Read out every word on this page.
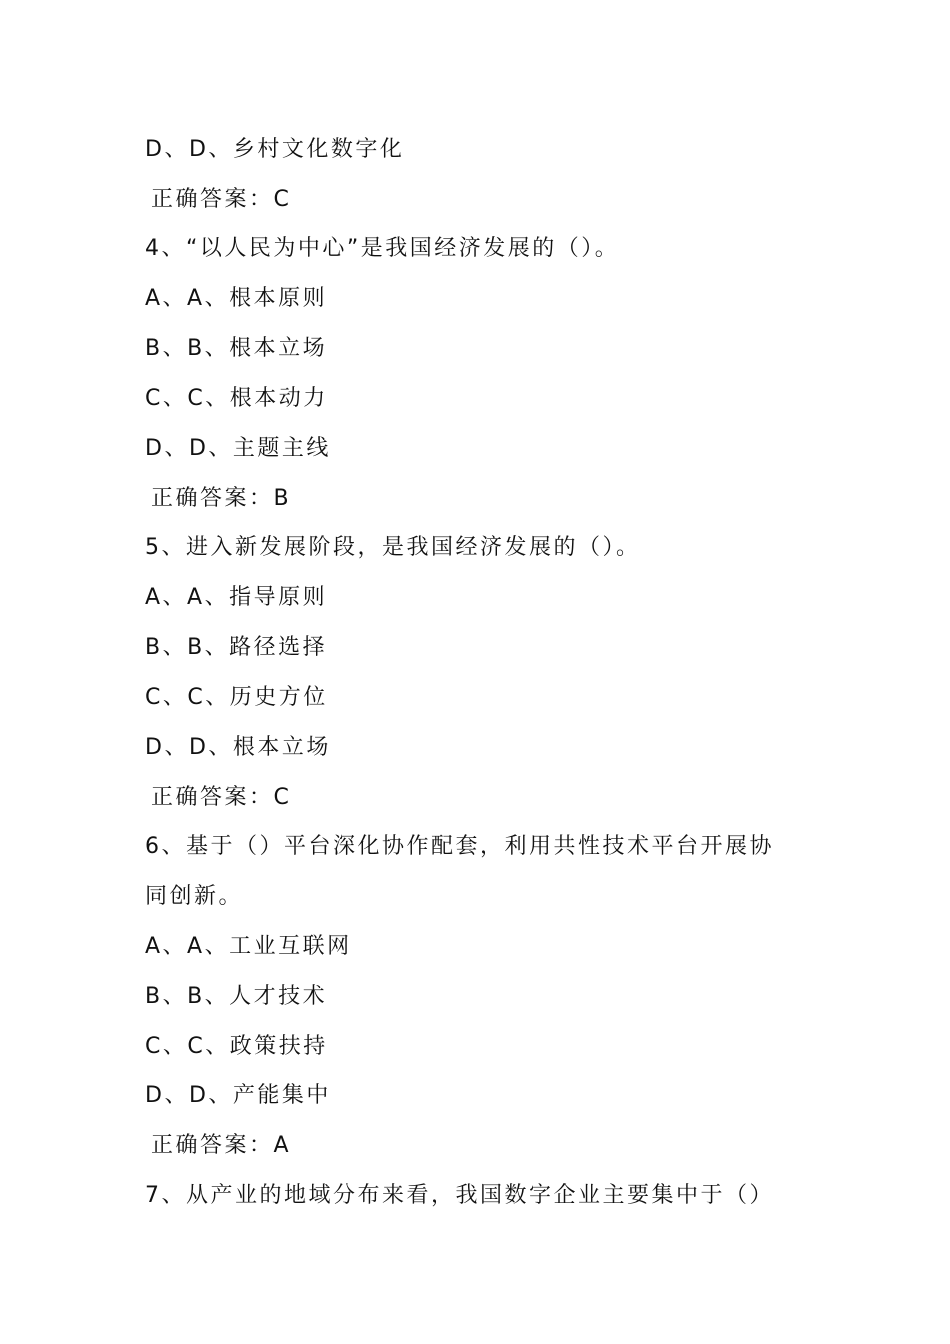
D、D、乡村文化数字化
正确答案：C
4、“以人民为中心”是我国经济发展的（）。
A、A、根本原则
B、B、根本立场
C、C、根本动力
D、D、主题主线
正确答案：B
5、进入新发展阶段，是我国经济发展的（）。
A、A、指导原则
B、B、路径选择
C、C、历史方位
D、D、根本立场
正确答案：C
6、基于（）平台深化协作配套，利用共性技术平台开展协
同创新。
A、A、工业互联网
B、B、人才技术
C、C、政策扶持
D、D、产能集中
正确答案：A
7、从产业的地域分布来看，我国数字企业主要集中于（）
